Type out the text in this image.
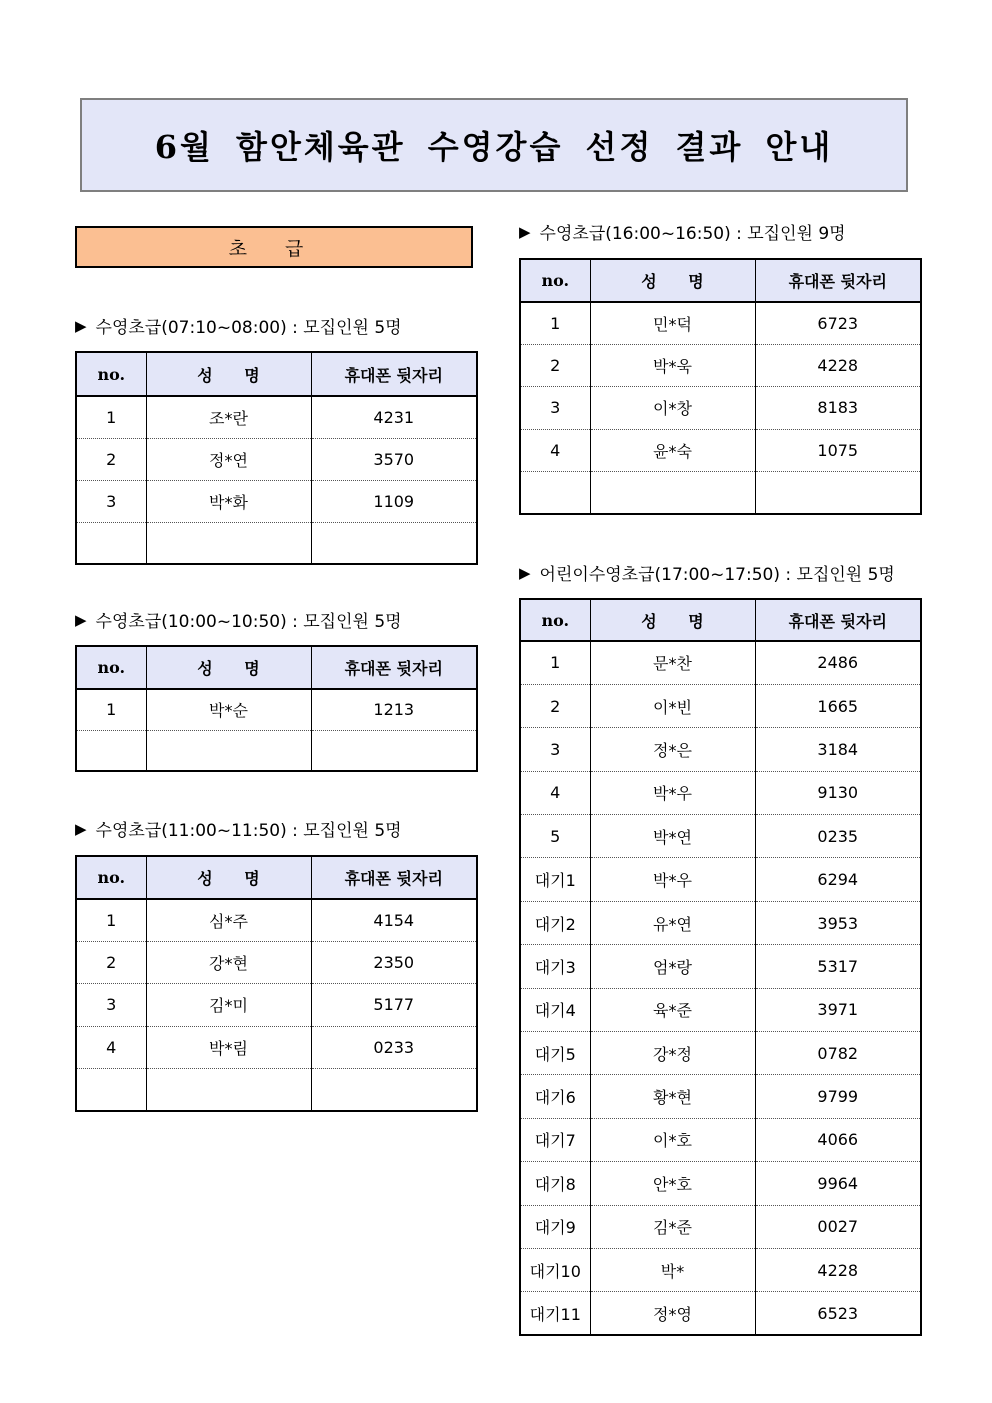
6월 함안체육관 수영강습 선정 결과 안내
초 급
▶ 수영초급(07:10~08:00) : 모집인원 5명
no.	성 명	휴대폰 뒷자리
1	조*란	4231
2	정*연	3570
3	박*화	1109

▶ 수영초급(10:00~10:50) : 모집인원 5명
no.	성 명	휴대폰 뒷자리
1	박*순	1213

▶ 수영초급(11:00~11:50) : 모집인원 5명
no.	성 명	휴대폰 뒷자리
1	심*주	4154
2	강*현	2350
3	김*미	5177
4	박*림	0233

▶ 수영초급(16:00~16:50) : 모집인원 9명
no.	성 명	휴대폰 뒷자리
1	민*덕	6723
2	박*욱	4228
3	이*창	8183
4	윤*숙	1075

▶ 어린이수영초급(17:00~17:50) : 모집인원 5명
no.	성 명	휴대폰 뒷자리
1	문*찬	2486
2	이*빈	1665
3	정*은	3184
4	박*우	9130
5	박*연	0235
대기1	박*우	6294
대기2	유*연	3953
대기3	엄*랑	5317
대기4	육*준	3971
대기5	강*정	0782
대기6	황*현	9799
대기7	이*호	4066
대기8	안*호	9964
대기9	김*준	0027
대기10	박*	4228
대기11	정*영	6523
